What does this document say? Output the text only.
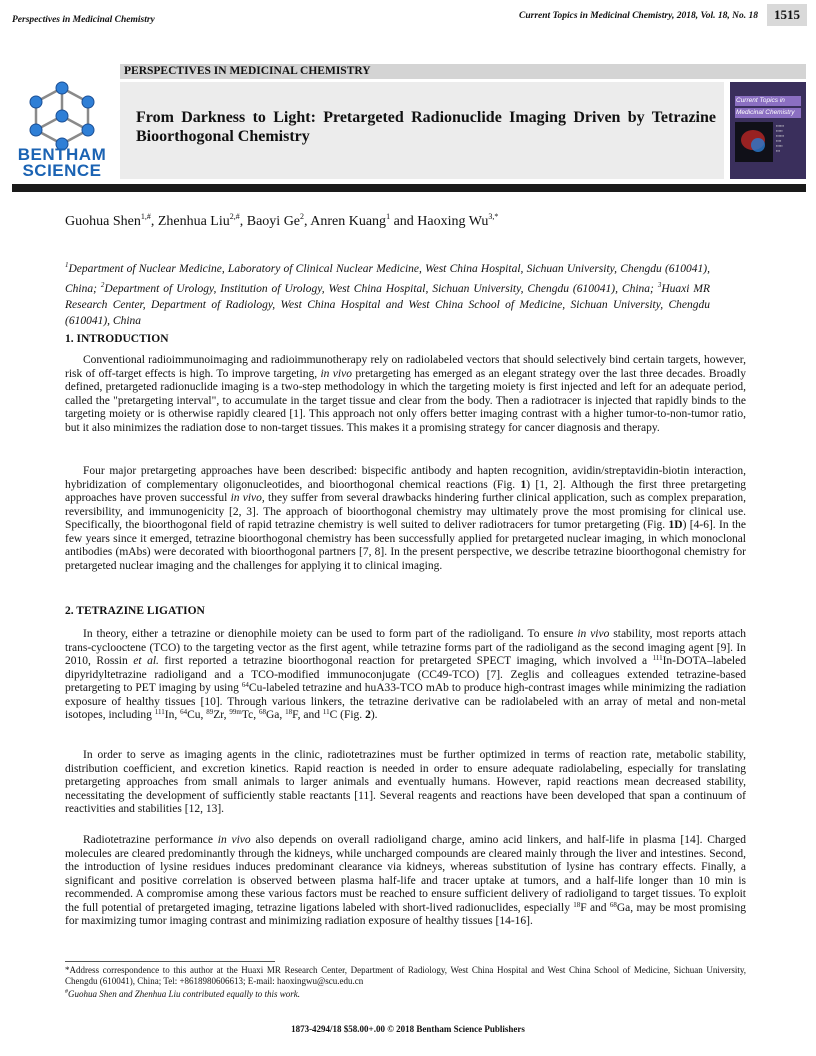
Perspectives in Medicinal Chemistry	Current Topics in Medicinal Chemistry, 2018, Vol. 18, No. 18	1515
PERSPECTIVES IN MEDICINAL CHEMISTRY
BENTHAM
SCIENCE
From Darkness to Light: Pretargeted Radionuclide Imaging Driven by Tetrazine Bioorthogonal Chemistry
Current Topics in
Medicinal Chemistry
▪▪▪▪▪▪
▪▪▪▪▪
▪▪▪▪▪▪
▪▪▪▪
▪▪▪▪▪
▪▪▪
Guohua Shen$^{1,\#}$, Zhenhua Liu$^{2,\#}$, Baoyi Ge$^2$, Anren Kuang$^1$ and Haoxing $Wu^{3,*}$
$^1$Department of Nuclear Medicine, Laboratory of Clinical Nuclear Medicine, West China Hospital, Sichuan University, Chengdu (610041), China; $^2$Department of Urology, Institution of Urology, West China Hospital, Sichuan University, Chengdu (610041), China; $^3$Huaxi MR Research Center, Department of Radiology, West China Hospital and West China School of Medicine, Sichuan University, Chengdu (610041), China
1. INTRODUCTION
Conventional radioimmunoimaging and radioimmunotherapy rely on radiolabeled vectors that should selectively bind certain targets, however, risk of off-target effects is high. To improve targeting, in vivo pretargeting has emerged as an elegant strategy over the last three decades. Broadly defined, pretargeted radionuclide imaging is a two-step methodology in which the targeting moiety is first injected and left for an adequate period, called the "pretargeting interval", to accumulate in the target tissue and clear from the body. Then a radiotracer is injected that rapidly binds to the targeting moiety or is otherwise rapidly cleared [1]. This approach not only offers better imaging contrast with a higher tumor-to-non-tumor ratio, but it also minimizes the radiation dose to non-target tissues. This makes it a promising strategy for cancer diagnosis and therapy.
Four major pretargeting approaches have been described: bispecific antibody and hapten recognition, avidin/streptavidin-biotin interaction, hybridization of complementary oligonucleotides, and bioorthogonal chemical reactions (Fig. 1) [1, 2]. Although the first three pretargeting approaches have proven successful in vivo, they suffer from several drawbacks hindering further clinical application, such as complex preparation, reversibility, and immunogenicity [2, 3]. The approach of bioorthogonal chemistry may ultimately prove the most promising for clinical use. Specifically, the bioorthogonal field of rapid tetrazine chemistry is well suited to deliver radiotracers for tumor pretargeting (Fig. 1D) [4-6]. In the few years since it emerged, tetrazine bioorthogonal chemistry has been successfully applied for pretargeted nuclear imaging, in which monoclonal antibodies (mAbs) were decorated with bioorthogonal partners [7, 8]. In the present perspective, we describe tetrazine bioorthogonal chemistry for pretargeted nuclear imaging and the challenges for applying it to clinical imaging.
2. TETRAZINE LIGATION
In theory, either a tetrazine or dienophile moiety can be used to form part of the radioligand. To ensure in vivo stability, most reports attach trans-cyclooctene (TCO) to the targeting vector as the first agent, while tetrazine forms part of the radioligand as the second imaging agent [9]. In 2010, Rossin et al. first reported a tetrazine bioorthogonal reaction for pretargeted SPECT imaging, which involved a $^{111}$In-DOTA–labeled dipyridyltetrazine radioligand and a TCO-modified immunoconjugate (CC49-TCO) [7]. Zeglis and colleagues extended tetrazine-based pretargeting to PET imaging by using $^{64}$Cu-labeled tetrazine and huA33-TCO mAb to produce high-contrast images while minimizing the radiation exposure of healthy tissues [10]. Through various linkers, the tetrazine derivative can be radiolabeled with an array of metal and non-metal isotopes, including $^{111}$In, $^{64}$Cu, $^{89}$Zr, $^{99m}$Tc, $^{68}$Ga, $^{18}$F, and $^{11}$C (Fig. 2).
In order to serve as imaging agents in the clinic, radiotetrazines must be further optimized in terms of reaction rate, metabolic stability, distribution coefficient, and excretion kinetics. Rapid reaction is needed in order to ensure adequate radiolabeling, especially for translating pretargeting approaches from small animals to larger animals and eventually humans. However, rapid reactions mean decreased stability, necessitating the development of sufficiently stable reactants [11]. Several reagents and reactions have been developed that span a continuum of reactivities and stabilities [12, 13].
Radiotetrazine performance in vivo also depends on overall radioligand charge, amino acid linkers, and half-life in plasma [14]. Charged molecules are cleared predominantly through the kidneys, while uncharged compounds are cleared mainly through the liver and intestines. Second, the introduction of lysine residues induces predominant clearance via kidneys, whereas substitution of lysine has contrary effects. Finally, a significant and positive correlation is observed between plasma half-life and tracer uptake at tumors, and a half-life longer than 10 min is recommended. A compromise among these various factors must be reached to ensure sufficient delivery of radioligand to target tissues. To exploit the full potential of pretargeted imaging, tetrazine ligations labeled with short-lived radionuclides, especially $^{18}$F and $^{68}$Ga, may be most promising for maximizing tumor imaging contrast and minimizing radiation exposure of healthy tissues [14-16].
*Address correspondence to this author at the Huaxi MR Research Center, Department of Radiology, West China Hospital and West China School of Medicine, Sichuan University, Chengdu (610041), China; Tel: +8618980606613; E-mail: haoxingwu@scu.edu.cn
#Guohua Shen and Zhenhua Liu contributed equally to this work.
1873-4294/18 $58.00+.00 © 2018 Bentham Science Publishers
